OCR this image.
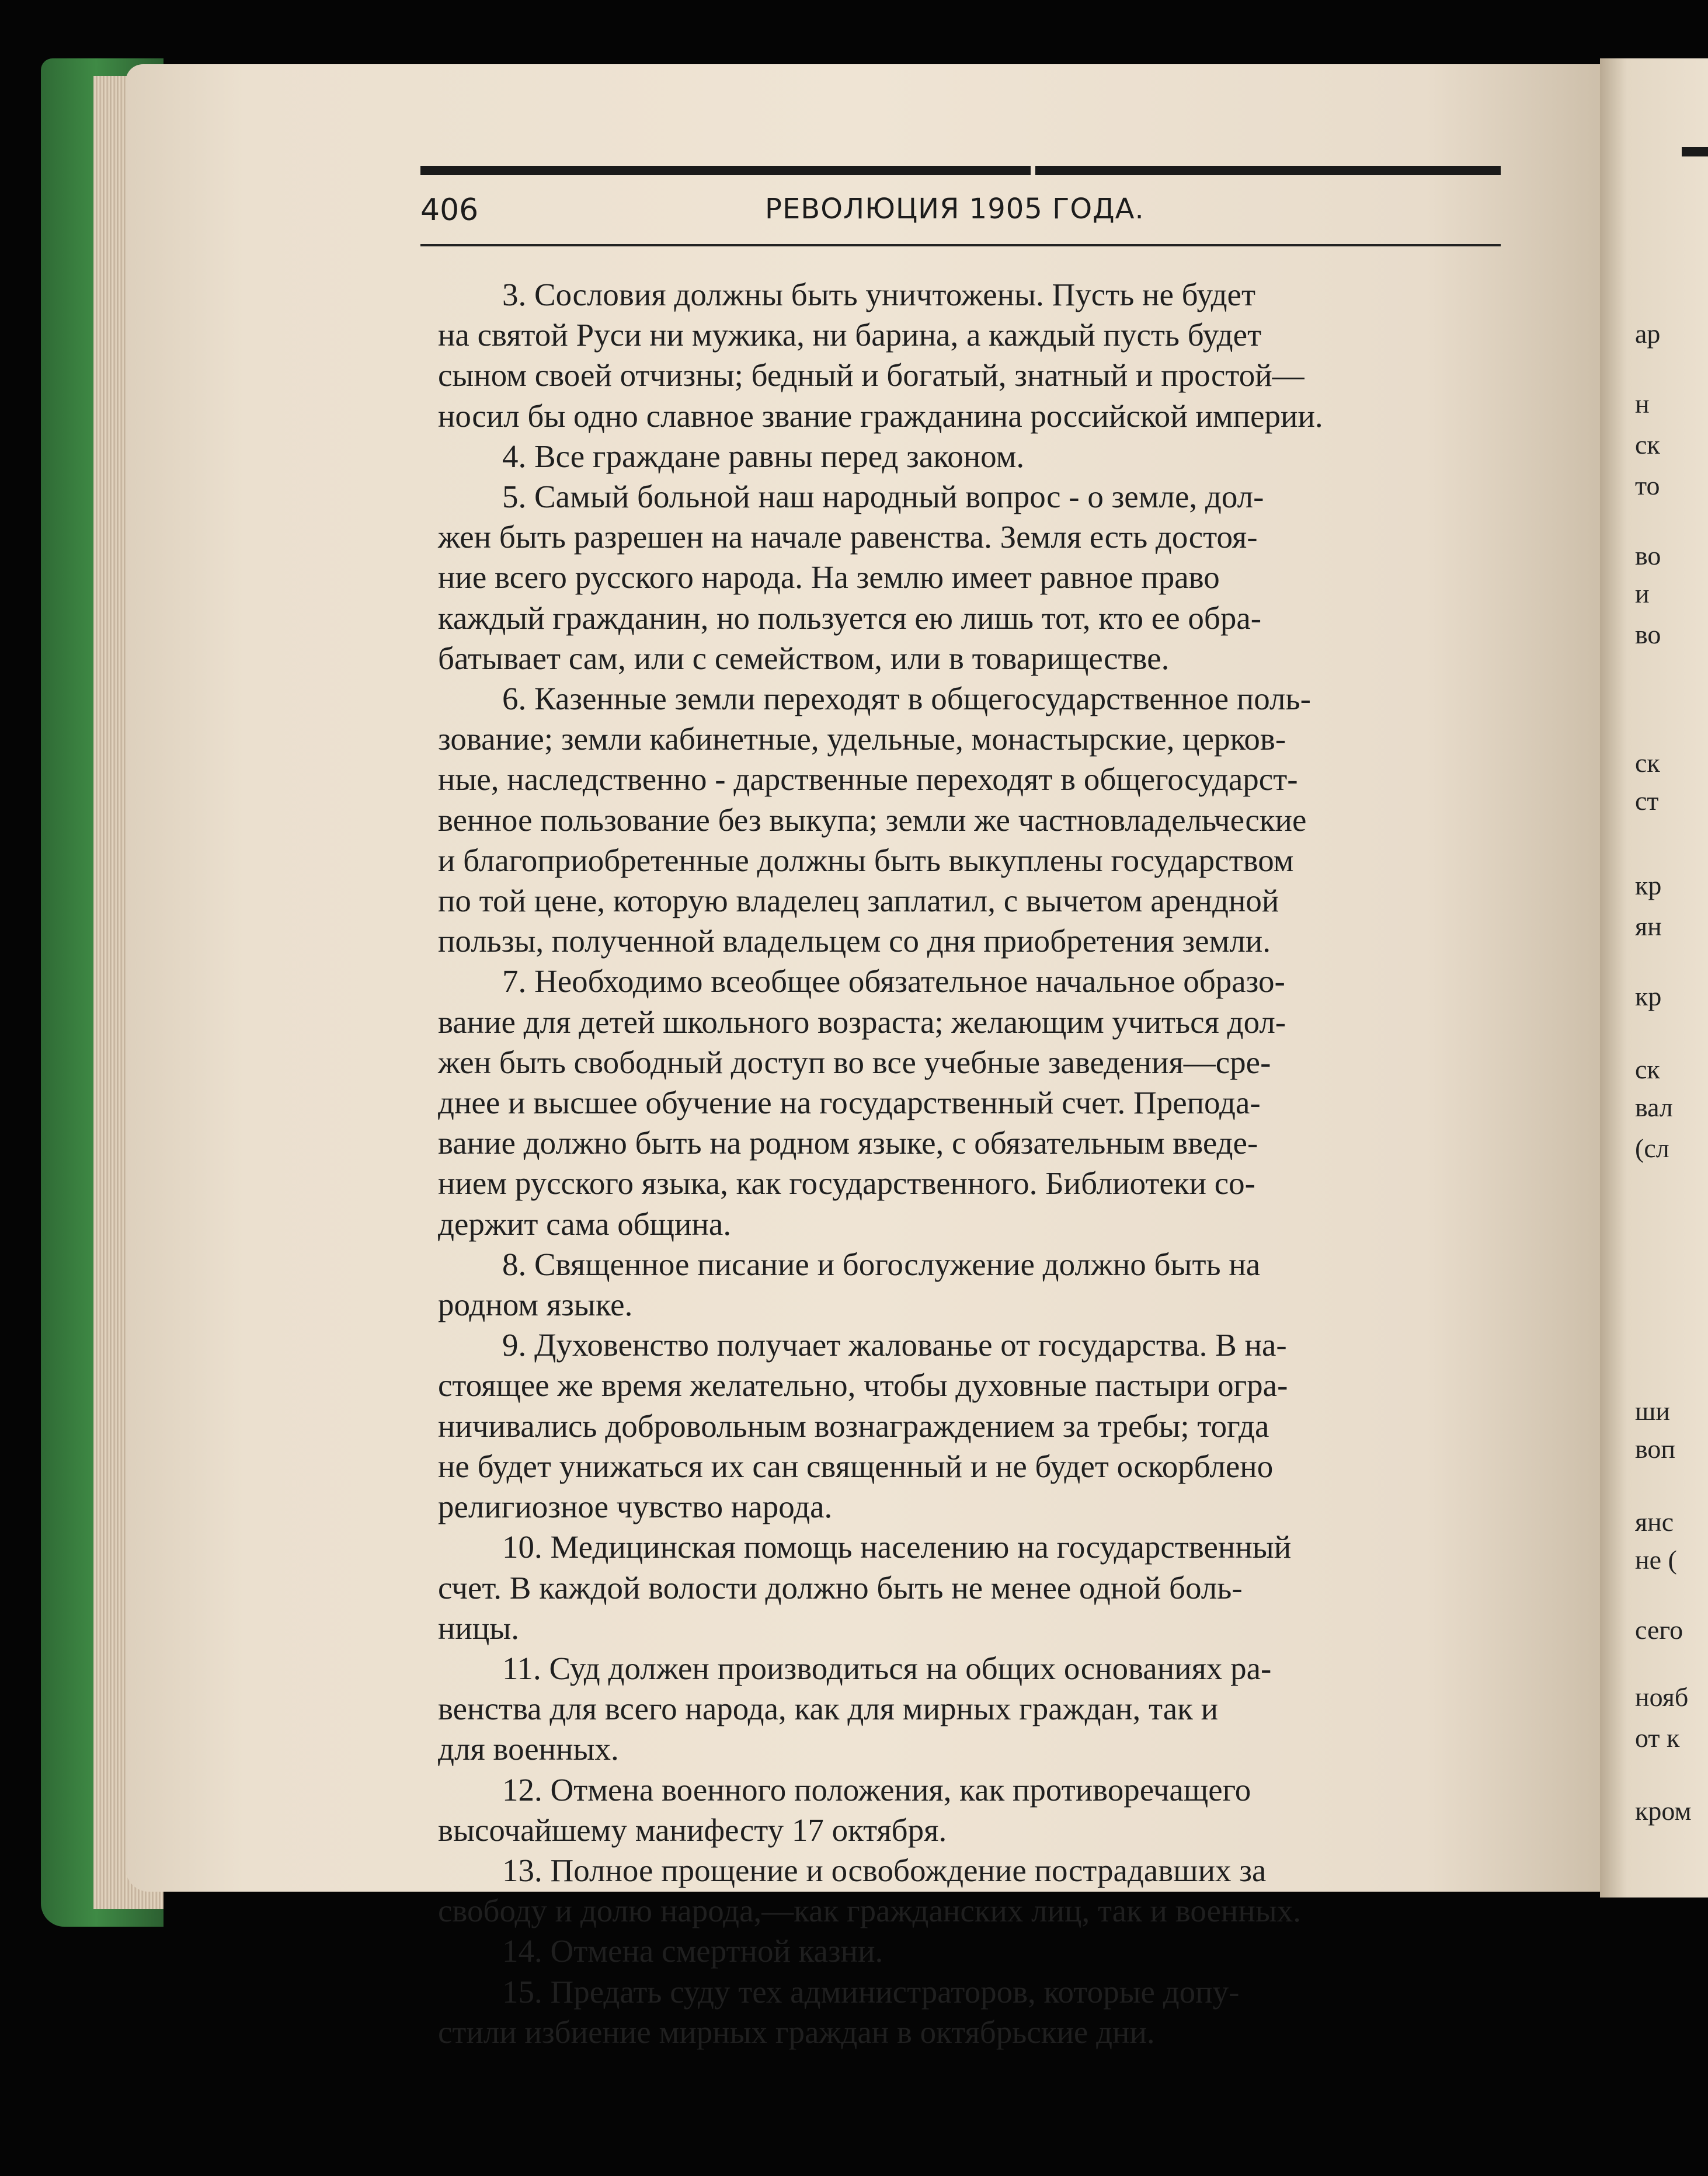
406	РЕВОЛЮЦИЯ 1905 ГОДА.
3. Сословия должны быть уничтожены. Пусть не будет
на святой Руси ни мужика, ни барина, а каждый пусть будет
сыном своей отчизны; бедный и богатый, знатный и простой—
носил бы одно славное звание гражданина российской империи.
4. Все граждане равны перед законом.
5. Самый больной наш народный вопрос - о земле, дол-
жен быть разрешен на начале равенства. Земля есть достоя-
ние всего русского народа. На землю имеет равное право
каждый гражданин, но пользуется ею лишь тот, кто ее обра-
батывает сам, или с семейством, или в товариществе.
6. Казенные земли переходят в общегосударственное поль-
зование; земли кабинетные, удельные, монастырские, церков-
ные, наследственно - дарственные переходят в общегосударст-
венное пользование без выкупа; земли же частновладельческие
и благоприобретенные должны быть выкуплены государством
по той цене, которую владелец заплатил, с вычетом арендной
пользы, полученной владельцем со дня приобретения земли.
7. Необходимо всеобщее обязательное начальное образо-
вание для детей школьного возраста; желающим учиться дол-
жен быть свободный доступ во все учебные заведения—сре-
днее и высшее обучение на государственный счет. Препода-
вание должно быть на родном языке, с обязательным введе-
нием русского языка, как государственного. Библиотеки со-
держит сама община.
8. Священное писание и богослужение должно быть на
родном языке.
9. Духовенство получает жалованье от государства. В на-
стоящее же время желательно, чтобы духовные пастыри огра-
ничивались добровольным вознаграждением за требы; тогда
не будет унижаться их сан священный и не будет оскорблено
религиозное чувство народа.
10. Медицинская помощь населению на государственный
счет. В каждой волости должно быть не менее одной боль-
ницы.
11. Суд должен производиться на общих основаниях ра-
венства для всего народа, как для мирных граждан, так и
для военных.
12. Отмена военного положения, как противоречащего
высочайшему манифесту 17 октября.
13. Полное прощение и освобождение пострадавших за
свободу и долю народа,—как гражданских лиц, так и военных.
14. Отмена смертной казни.
15. Предать суду тех администраторов, которые допу-
стили избиение мирных граждан в октябрьские дни.
ар
н
ск
то
во
и
во
ск
ст
кр
ян
кр
ск
вал
(сл
ши
воп
янс
не (
сего
нояб
от к
кром
